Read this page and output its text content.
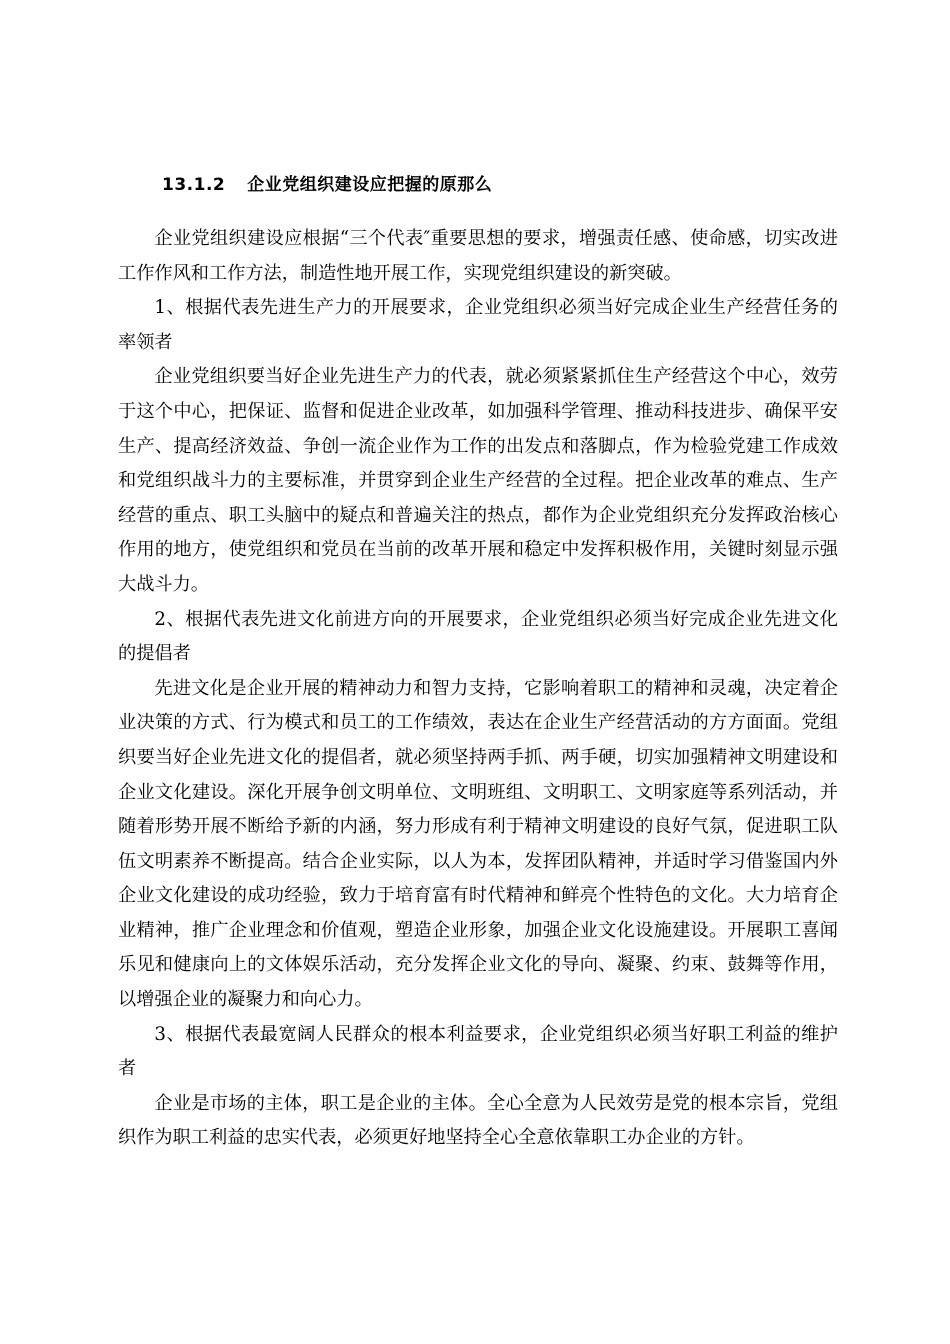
13.1.2 企业党组织建设应把握的原那么

企业党组织建设应根据“三个代表″重要思想的要求，增强责任感、使命感，切实改进工作作风和工作方法，制造性地开展工作，实现党组织建设的新突破。

1、根据代表先进生产力的开展要求，企业党组织必须当好完成企业生产经营任务的率领者

企业党组织要当好企业先进生产力的代表，就必须紧紧抓住生产经营这个中心，效劳于这个中心，把保证、监督和促进企业改革，如加强科学管理、推动科技进步、确保平安生产、提高经济效益、争创一流企业作为工作的出发点和落脚点，作为检验党建工作成效和党组织战斗力的主要标准，并贯穿到企业生产经营的全过程。把企业改革的难点、生产经营的重点、职工头脑中的疑点和普遍关注的热点，都作为企业党组织充分发挥政治核心作用的地方，使党组织和党员在当前的改革开展和稳定中发挥积极作用，关键时刻显示强大战斗力。

2、根据代表先进文化前进方向的开展要求，企业党组织必须当好完成企业先进文化的提倡者

先进文化是企业开展的精神动力和智力支持，它影响着职工的精神和灵魂，决定着企业决策的方式、行为模式和员工的工作绩效，表达在企业生产经营活动的方方面面。党组织要当好企业先进文化的提倡者，就必须坚持两手抓、两手硬，切实加强精神文明建设和企业文化建设。深化开展争创文明单位、文明班组、文明职工、文明家庭等系列活动，并随着形势开展不断给予新的内涵，努力形成有利于精神文明建设的良好气氛，促进职工队伍文明素养不断提高。结合企业实际，以人为本，发挥团队精神，并适时学习借鉴国内外企业文化建设的成功经验，致力于培育富有时代精神和鲜亮个性特色的文化。大力培育企业精神，推广企业理念和价值观，塑造企业形象，加强企业文化设施建设。开展职工喜闻乐见和健康向上的文体娱乐活动，充分发挥企业文化的导向、凝聚、约束、鼓舞等作用，以增强企业的凝聚力和向心力。

3、根据代表最宽阔人民群众的根本利益要求，企业党组织必须当好职工利益的维护者

企业是市场的主体，职工是企业的主体。全心全意为人民效劳是党的根本宗旨，党组织作为职工利益的忠实代表，必须更好地坚持全心全意依靠职工办企业的方针。
